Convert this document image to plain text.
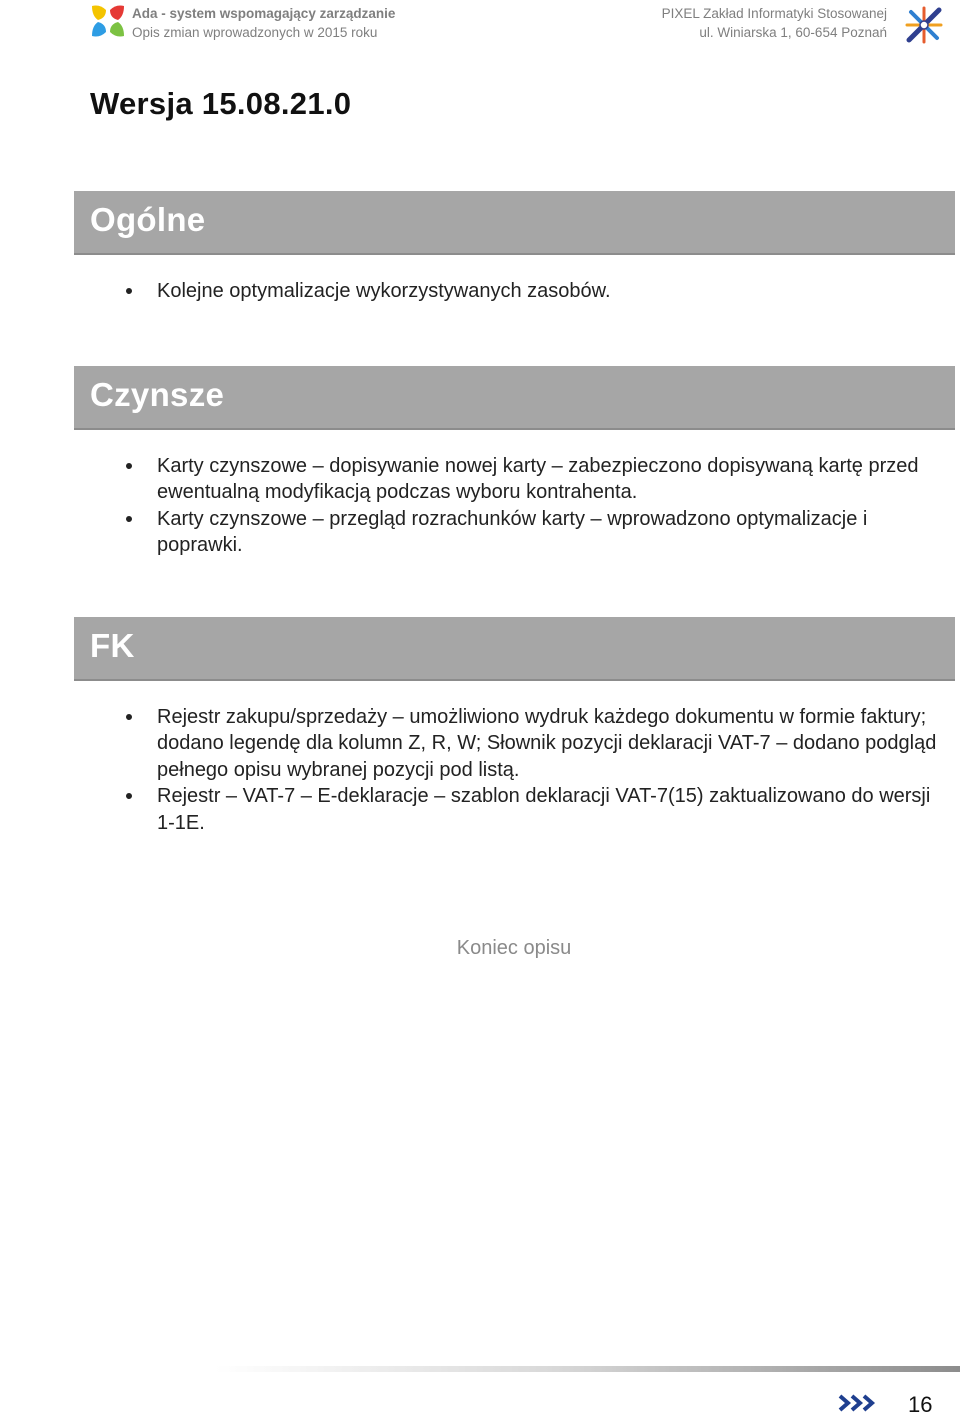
Ada - system wspomagający zarządzanie
Opis zmian wprowadzonych w 2015 roku
PIXEL Zakład Informatyki Stosowanej
ul. Winiarska 1, 60-654 Poznań
Wersja 15.08.21.0
Ogólne
Kolejne optymalizacje wykorzystywanych zasobów.
Czynsze
Karty czynszowe – dopisywanie nowej karty – zabezpieczono dopisywaną kartę przed ewentualną modyfikacją podczas wyboru kontrahenta.
Karty czynszowe – przegląd rozrachunków karty – wprowadzono optymalizacje i poprawki.
FK
Rejestr zakupu/sprzedaży – umożliwiono wydruk każdego dokumentu w formie faktury; dodano legendę dla kolumn Z, R, W; Słownik pozycji deklaracji VAT-7 – dodano podgląd pełnego opisu wybranej pozycji pod listą.
Rejestr – VAT-7 – E-deklaracje – szablon deklaracji VAT-7(15) zaktualizowano do wersji 1-1E.
Koniec opisu
16
